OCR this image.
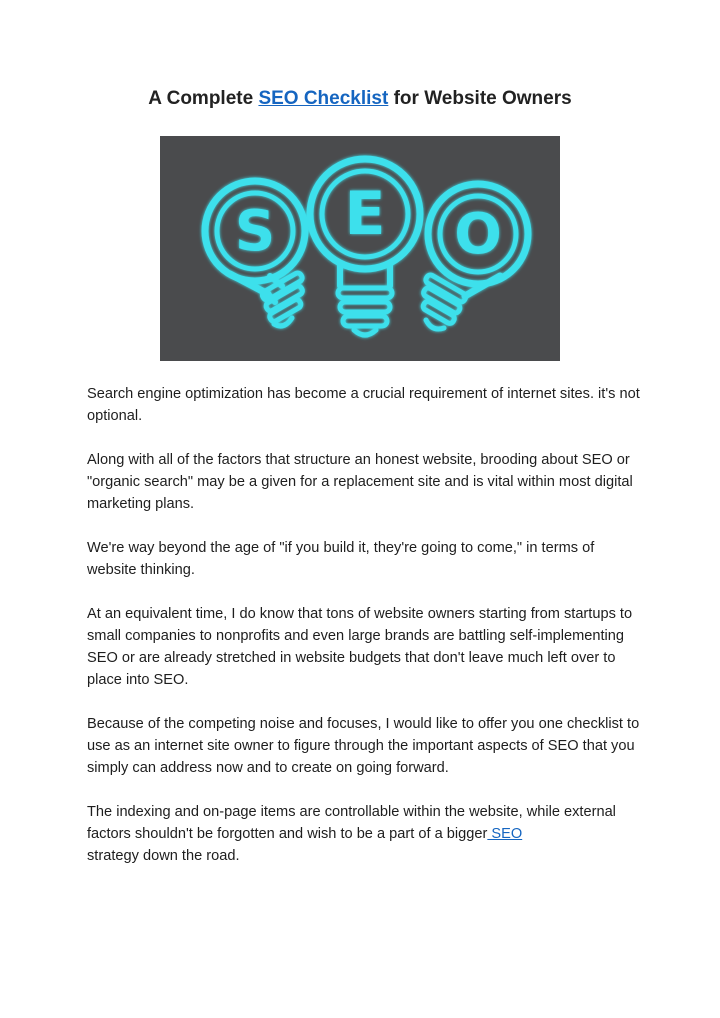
A Complete SEO Checklist for Website Owners
S E O

Search engine optimization has become a crucial requirement of internet sites. it's not optional.

Along with all of the factors that structure an honest website, brooding about SEO or "organic search" may be a given for a replacement site and is vital within most digital marketing plans.

We're way beyond the age of "if you build it, they're going to come," in terms of website thinking.

At an equivalent time, I do know that tons of website owners starting from startups to small companies to nonprofits and even large brands are battling self-implementing SEO or are already stretched in website budgets that don't leave much left over to place into SEO.

Because of the competing noise and focuses, I would like to offer you one checklist to use as an internet site owner to figure through the important aspects of SEO that you simply can address now and to create on going forward.

The indexing and on-page items are controllable within the website, while external factors shouldn't be forgotten and wish to be a part of a bigger SEO
strategy down the road.
